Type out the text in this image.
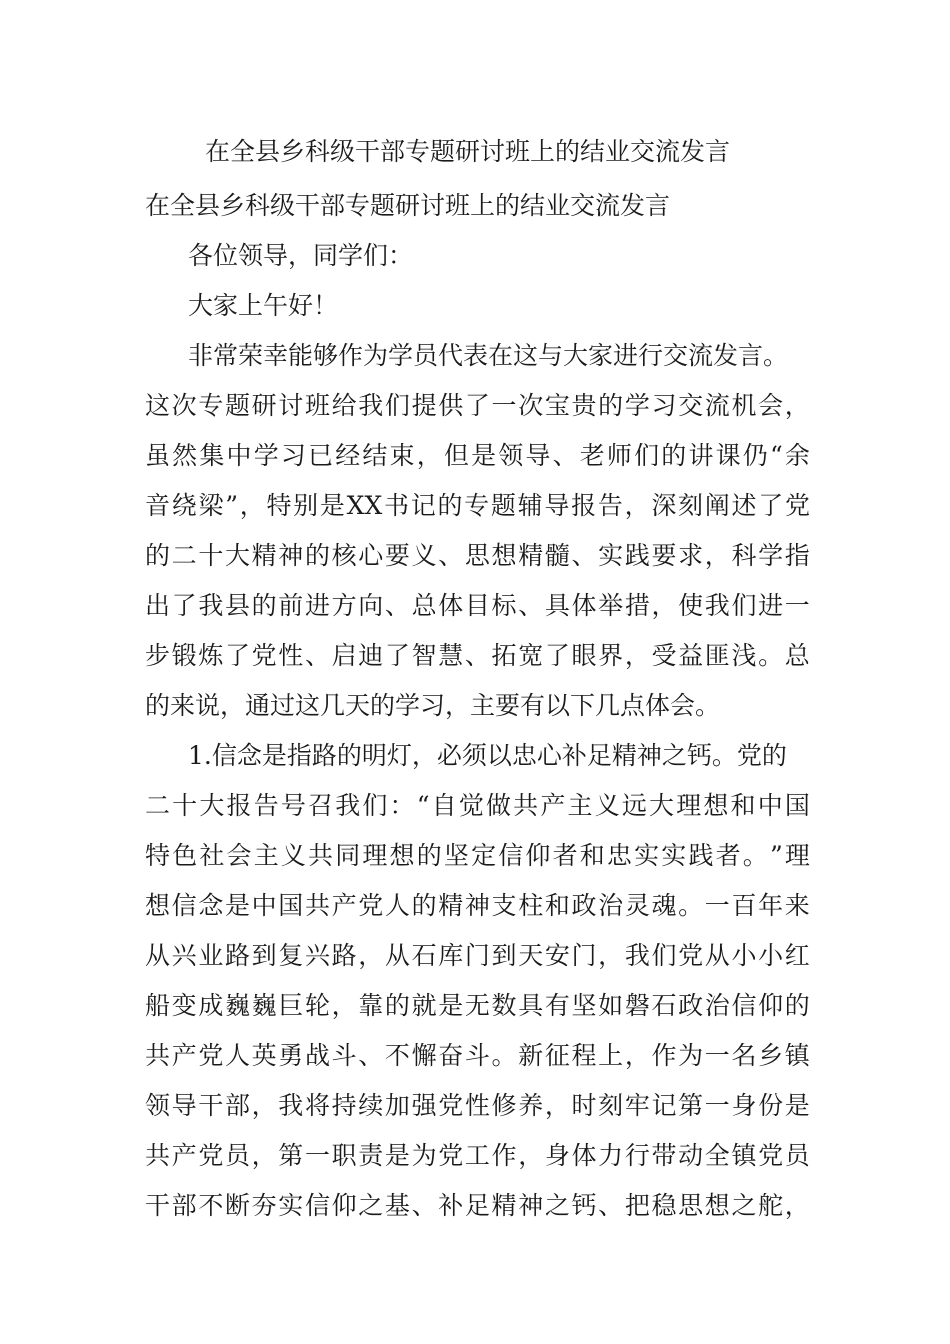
在全县乡科级干部专题研讨班上的结业交流发言
在全县乡科级干部专题研讨班上的结业交流发言
各位领导，同学们：
大家上午好！
非常荣幸能够作为学员代表在这与大家进行交流发言。
这 次 专 题 研 讨 班 给 我 们 提 供 了 一 次 宝 贵 的 学 习 交 流 机 会 ，
虽 然 集 中 学 习 已 经 结 束 ， 但 是 领 导 、 老 师 们 的 讲 课 仍 “ 余
音 绕 梁 ” ， 特 别 是 XX 书 记 的 专 题 辅 导 报 告 ， 深 刻 阐 述 了 党
的 二 十 大 精 神 的 核 心 要 义 、 思 想 精 髓 、 实 践 要 求 ， 科 学 指
出 了 我 县 的 前 进 方 向 、 总 体 目 标 、 具 体 举 措 ， 使 我 们 进 一
步 锻 炼 了 党 性 、 启 迪 了 智 慧 、 拓 宽 了 眼 界 ， 受 益 匪 浅 。 总
的来说，通过这几天的学习，主要有以下几点体会。
1.信念是指路的明灯，必须以忠心补足精神之钙。党的
二 十 大 报 告 号 召 我 们 ： “ 自 觉 做 共 产 主 义 远 大 理 想 和 中 国
特 色 社 会 主 义 共 同 理 想 的 坚 定 信 仰 者 和 忠 实 实 践 者 。 ” 理
想 信 念 是 中 国 共 产 党 人 的 精 神 支 柱 和 政 治 灵 魂 。 一 百 年 来
从 兴 业 路 到 复 兴 路 ， 从 石 库 门 到 天 安 门 ， 我 们 党 从 小 小 红
船 变 成 巍 巍 巨 轮 ， 靠 的 就 是 无 数 具 有 坚 如 磐 石 政 治 信 仰 的
共 产 党 人 英 勇 战 斗 、 不 懈 奋 斗 。 新 征 程 上 ， 作 为 一 名 乡 镇
领 导 干 部 ， 我 将 持 续 加 强 党 性 修 养 ， 时 刻 牢 记 第 一 身 份 是
共 产 党 员 ， 第 一 职 责 是 为 党 工 作 ， 身 体 力 行 带 动 全 镇 党 员
干 部 不 断 夯 实 信 仰 之 基 、 补 足 精 神 之 钙 、 把 稳 思 想 之 舵 ，
